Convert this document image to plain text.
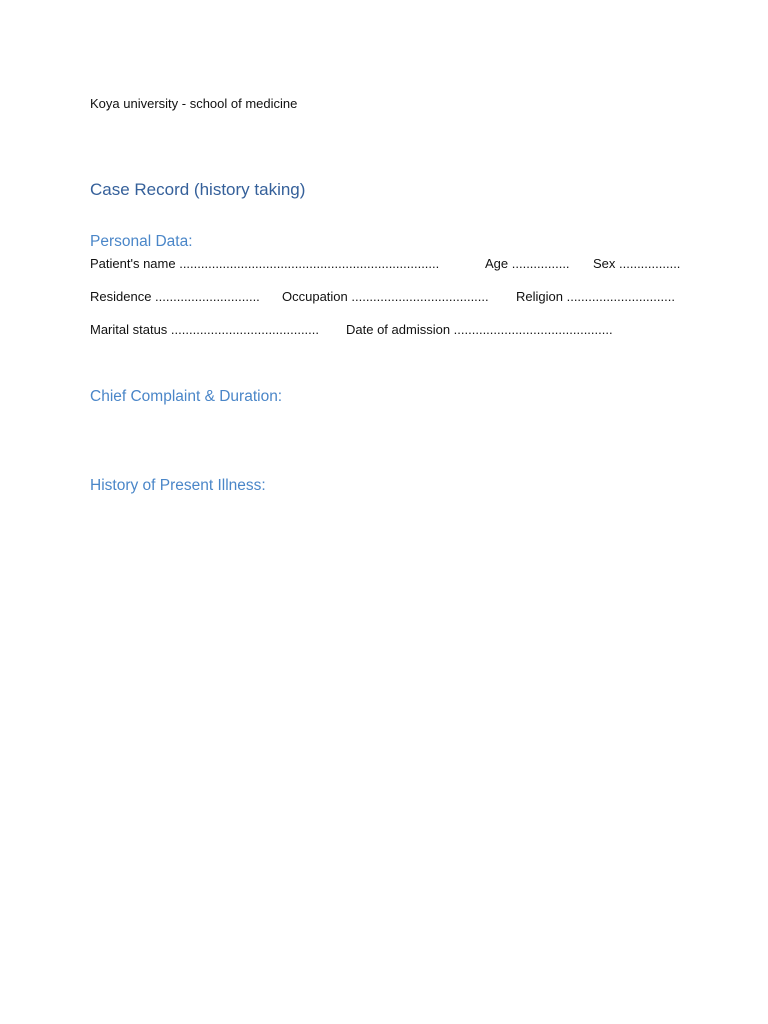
Koya university - school of medicine
Case Record (history taking)
Personal Data:
Patient's name ........................................................................	Age ................ Sex .................
Residence ............................. Occupation ...................................... Religion ..............................
Marital status ......................................... Date of admission ............................................
Chief Complaint & Duration:
History of Present Illness:
